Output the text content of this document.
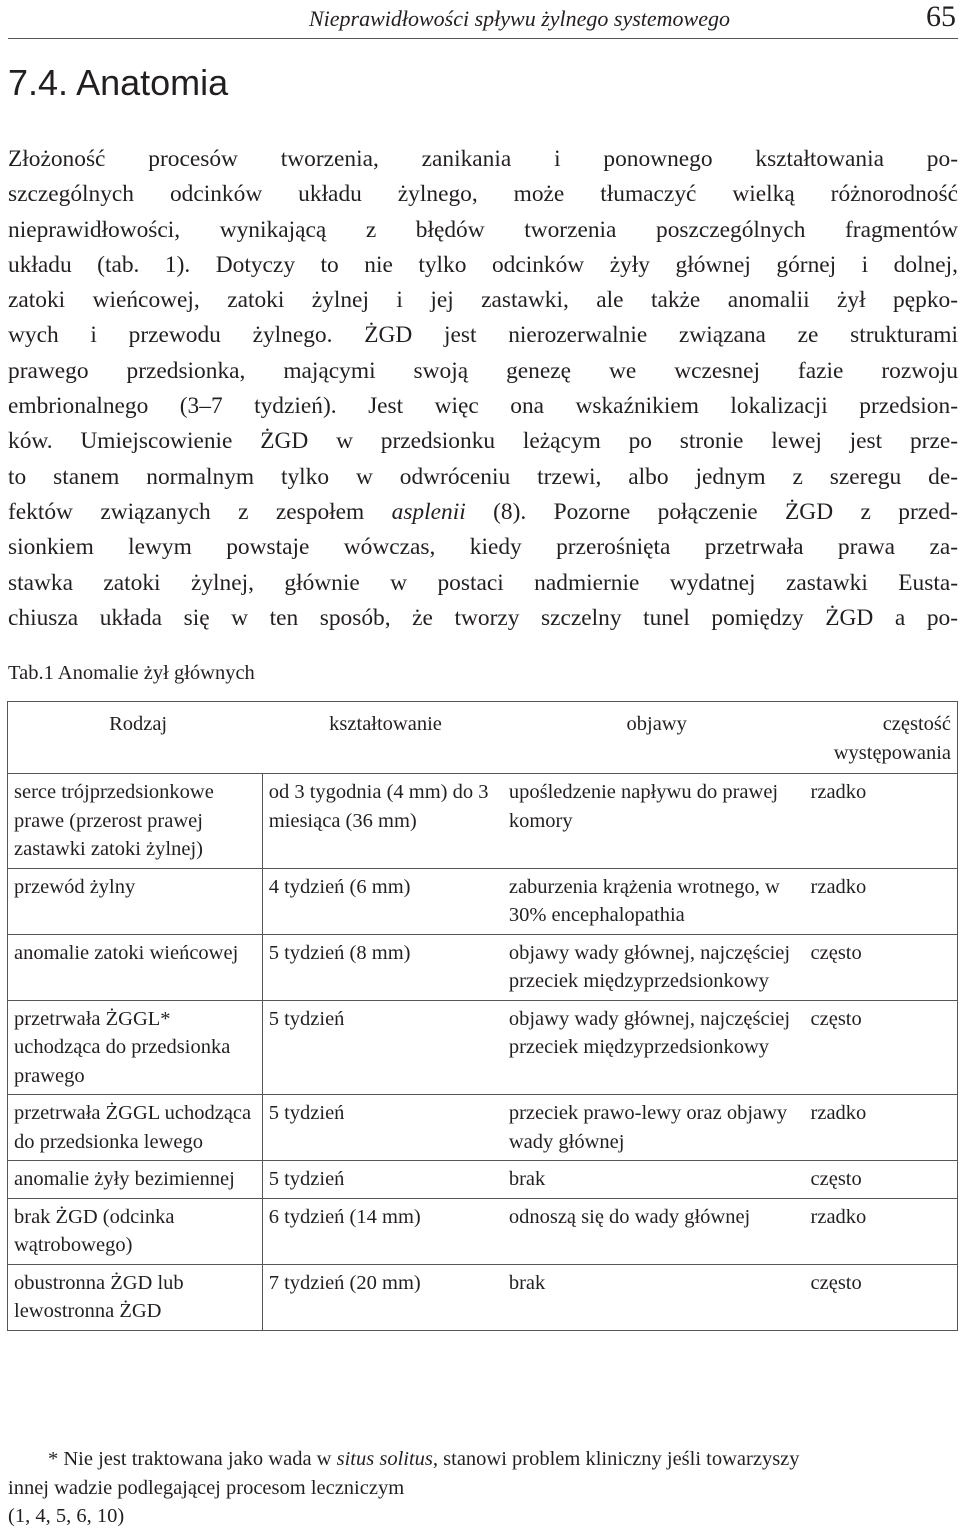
Nieprawidłowości spływu żylnego systemowego	65
7.4. Anatomia
Złożoność procesów tworzenia, zanikania i ponownego kształtowania po-
szczególnych odcinków układu żylnego, może tłumaczyć wielką różnorodność
nieprawidłowości, wynikającą z błędów tworzenia poszczególnych fragmentów
układu (tab. 1). Dotyczy to nie tylko odcinków żyły głównej górnej i dolnej,
zatoki wieńcowej, zatoki żylnej i jej zastawki, ale także anomalii żył pępko-
wych i przewodu żylnego. ŻGD jest nierozerwalnie związana ze strukturami
prawego przedsionka, mającymi swoją genezę we wczesnej fazie rozwoju
embrionalnego (3–7 tydzień). Jest więc ona wskaźnikiem lokalizacji przedsion-
ków. Umiejscowienie ŻGD w przedsionku leżącym po stronie lewej jest prze-
to stanem normalnym tylko w odwróceniu trzewi, albo jednym z szeregu de-
fektów związanych z zespołem asplenii (8). Pozorne połączenie ŻGD z przed-
sionkiem lewym powstaje wówczas, kiedy przerośnięta przetrwała prawa za-
stawka zatoki żylnej, głównie w postaci nadmiernie wydatnej zastawki Eusta-
chiusza układa się w ten sposób, że tworzy szczelny tunel pomiędzy ŻGD a po-
Tab.1 Anomalie żył głównych
Rodzaj	kształtowanie	objawy	częstość występowania
serce trójprzedsionkowe prawe (przerost prawej zastawki zatoki żylnej)	od 3 tygodnia (4 mm) do 3 miesiąca (36 mm)	upośledzenie napływu do prawej komory	rzadko
przewód żylny	4 tydzień (6 mm)	zaburzenia krążenia wrotnego, w 30% encephalopathia	rzadko
anomalie zatoki wieńcowej	5 tydzień (8 mm)	objawy wady głównej, najczęściej przeciek międzyprzedsionkowy	często
przetrwała ŻGGL* uchodząca do przedsionka prawego	5 tydzień	objawy wady głównej, najczęściej przeciek międzyprzedsionkowy	często
przetrwała ŻGGL uchodząca do przedsionka lewego	5 tydzień	przeciek prawo-lewy oraz objawy wady głównej	rzadko
anomalie żyły bezimiennej	5 tydzień	brak	często
brak ŻGD (odcinka wątrobowego)	6 tydzień (14 mm)	odnoszą się do wady głównej	rzadko
obustronna ŻGD lub lewostronna ŻGD	7 tydzień (20 mm)	brak	często
* Nie jest traktowana jako wada w situs solitus, stanowi problem kliniczny jeśli towarzyszy
innej wadzie podlegającej procesom leczniczym
(1, 4, 5, 6, 10)
